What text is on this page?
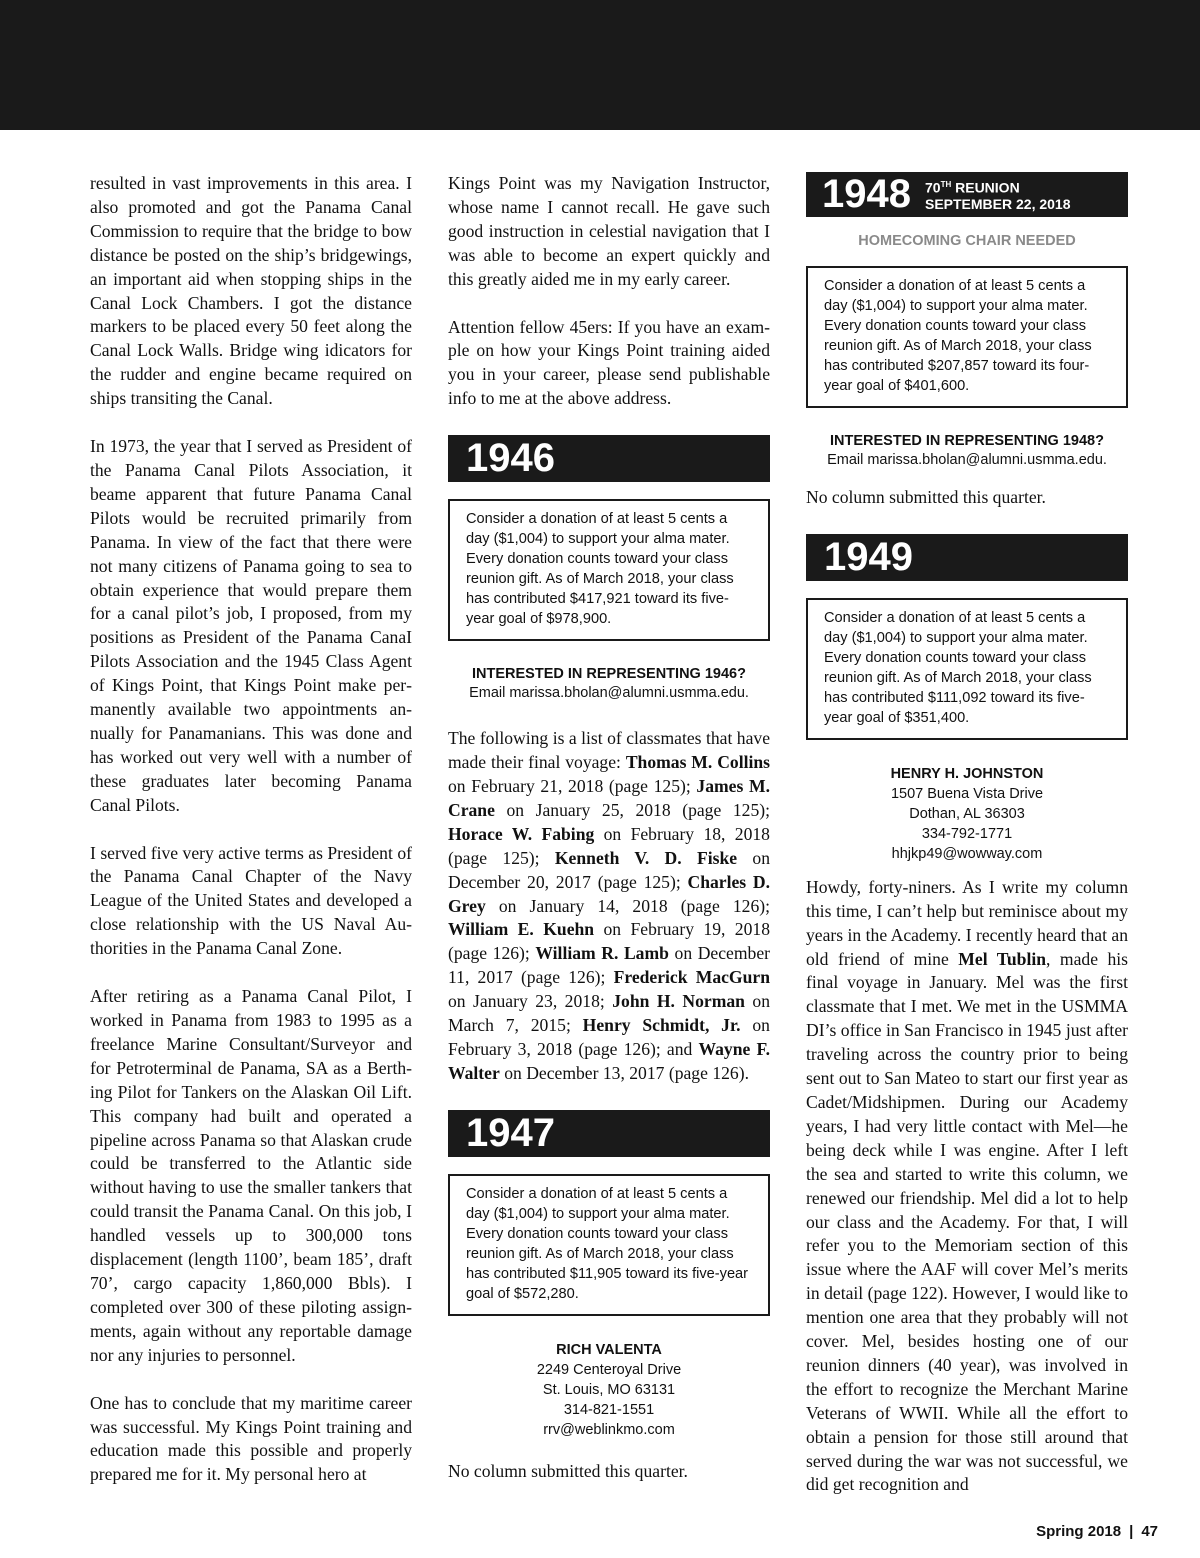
resulted in vast improvements in this area. I also promoted and got the Panama Canal Commission to require that the bridge to bow distance be posted on the ship’s bridgewings, an important aid when stopping ships in the Canal Lock Chambers. I got the distance markers to be placed every 50 feet along the Canal Lock Walls. Bridge wing idicators for the rudder and engine became required on ships transiting the Canal.

In 1973, the year that I served as President of the Panama Canal Pilots Association, it beame apparent that future Panama Canal Pilots would be recruited primarily from Panama. In view of the fact that there were not many citizens of Panama going to sea to obtain experience that would prepare them for a canal pilot’s job, I proposed, from my positions as President of the Panama CanaI Pilots Association and the 1945 Class Agent of Kings Point, that Kings Point make permanently available two appointments annually for Panamanians. This was done and has worked out very well with a number of these graduates later becoming Panama Canal Pilots.

I served five very active terms as President of the Panama Canal Chapter of the Navy League of the United States and developed a close relationship with the US Naval Authorities in the Panama Canal Zone.

After retiring as a Panama Canal Pilot, I worked in Panama from 1983 to 1995 as a freelance Marine Consultant/Surveyor and for Petroterminal de Panama, SA as a Berthing Pilot for Tankers on the Alaskan Oil Lift. This company had built and operated a pipeline across Panama so that Alaskan crude could be transferred to the Atlantic side without having to use the smaller tankers that could transit the Panama Canal. On this job, I handled vessels up to 300,000 tons displacement (length 1100’, beam 185’, draft 70’, cargo capacity 1,860,000 Bbls). I completed over 300 of these piloting assignments, again without any reportable damage nor any injuries to personnel.

One has to conclude that my maritime career was successful. My Kings Point training and education made this possible and properly prepared me for it. My personal hero at

Kings Point was my Navigation Instructor, whose name I cannot recall. He gave such good instruction in celestial navigation that I was able to become an expert quickly and this greatly aided me in my early career.

Attention fellow 45ers: If you have an example on how your Kings Point training aided you in your career, please send publishable info to me at the above address.

1946
Consider a donation of at least 5 cents a day ($1,004) to support your alma mater. Every donation counts toward your class reunion gift. As of March 2018, your class has contributed $417,921 toward its five-year goal of $978,900.
INTERESTED IN REPRESENTING 1946?
Email marissa.bholan@alumni.usmma.edu.

The following is a list of classmates that have made their final voyage: Thomas M. Collins on February 21, 2018 (page 125); James M. Crane on January 25, 2018 (page 125); Horace W. Fabing on February 18, 2018 (page 125); Kenneth V. D. Fiske on December 20, 2017 (page 125); Charles D. Grey on January 14, 2018 (page 126); William E. Kuehn on February 19, 2018 (page 126); William R. Lamb on December 11, 2017 (page 126); Frederick MacGurn on January 23, 2018; John H. Norman on March 7, 2015; Henry Schmidt, Jr. on February 3, 2018 (page 126); and Wayne F. Walter on December 13, 2017 (page 126).

1947
Consider a donation of at least 5 cents a day ($1,004) to support your alma mater. Every donation counts toward your class reunion gift. As of March 2018, your class has contributed $11,905 toward its five-year goal of $572,280.
RICH VALENTA
2249 Centeroyal Drive
St. Louis, MO 63131
314-821-1551
rrv@weblinkmo.com

No column submitted this quarter.

1948 70TH REUNION
SEPTEMBER 22, 2018
HOMECOMING CHAIR NEEDED
Consider a donation of at least 5 cents a day ($1,004) to support your alma mater. Every donation counts toward your class reunion gift. As of March 2018, your class has contributed $207,857 toward its four-year goal of $401,600.
INTERESTED IN REPRESENTING 1948?
Email marissa.bholan@alumni.usmma.edu.

No column submitted this quarter.

1949
Consider a donation of at least 5 cents a day ($1,004) to support your alma mater. Every donation counts toward your class reunion gift. As of March 2018, your class has contributed $111,092 toward its five-year goal of $351,400.
HENRY H. JOHNSTON
1507 Buena Vista Drive
Dothan, AL 36303
334-792-1771
hhjkp49@wowway.com

Howdy, forty-niners. As I write my column this time, I can’t help but reminisce about my years in the Academy. I recently heard that an old friend of mine Mel Tublin, made his final voyage in January. Mel was the first classmate that I met. We met in the USMMA DI’s office in San Francisco in 1945 just after traveling across the country prior to being sent out to San Mateo to start our first year as Cadet/Midshipmen. During our Academy years, I had very little contact with Mel—he being deck while I was engine. After I left the sea and started to write this column, we renewed our friendship. Mel did a lot to help our class and the Academy. For that, I will refer you to the Memoriam section of this issue where the AAF will cover Mel’s merits in detail (page 122). However, I would like to mention one area that they probably will not cover. Mel, besides hosting one of our reunion dinners (40 year), was involved in the effort to recognize the Merchant Marine Veterans of WWII. While all the effort to obtain a pension for those still around that served during the war was not successful, we did get recognition and

Spring 2018 | 47
